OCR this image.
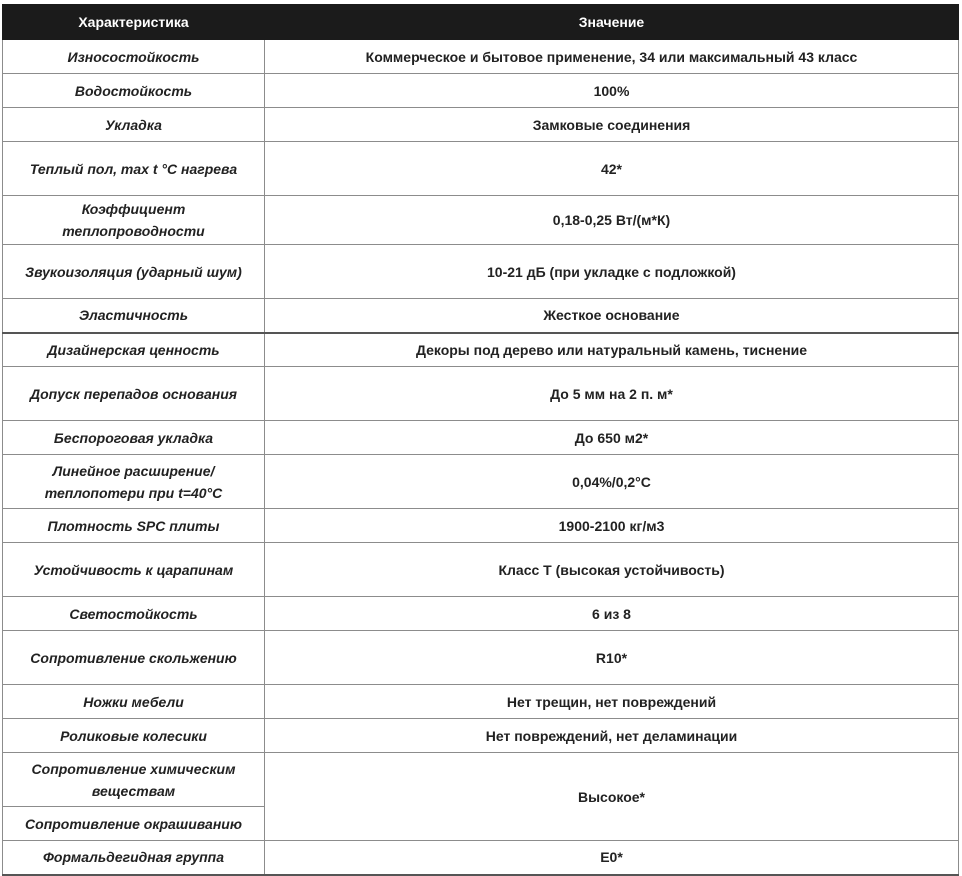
Характеристика	Значение
Износостойкость	Коммерческое и бытовое применение, 34 или максимальный 43 класс
Водостойкость	100%
Укладка	Замковые соединения
Теплый пол, max t °C нагрева	42*
Коэффициент теплопроводности	0,18-0,25 Вт/(м*К)
Звукоизоляция (ударный шум)	10-21 дБ (при укладке с подложкой)
Эластичность	Жесткое основание
Дизайнерская ценность	Декоры под дерево или натуральный камень, тиснение
Допуск перепадов основания	До 5 мм на 2 п. м*
Беспороговая укладка	До 650 м2*
Линейное расширение/ теплопотери при t=40°C	0,04%/0,2°C
Плотность SPC плиты	1900-2100 кг/м3
Устойчивость к царапинам	Класс Т (высокая устойчивость)
Светостойкость	6 из 8
Сопротивление скольжению	R10*
Ножки мебели	Нет трещин, нет повреждений
Роликовые колесики	Нет повреждений, нет деламинации
Сопротивление химическим веществам	Высокое*
Сопротивление окрашиванию	
Формальдегидная группа	E0*
